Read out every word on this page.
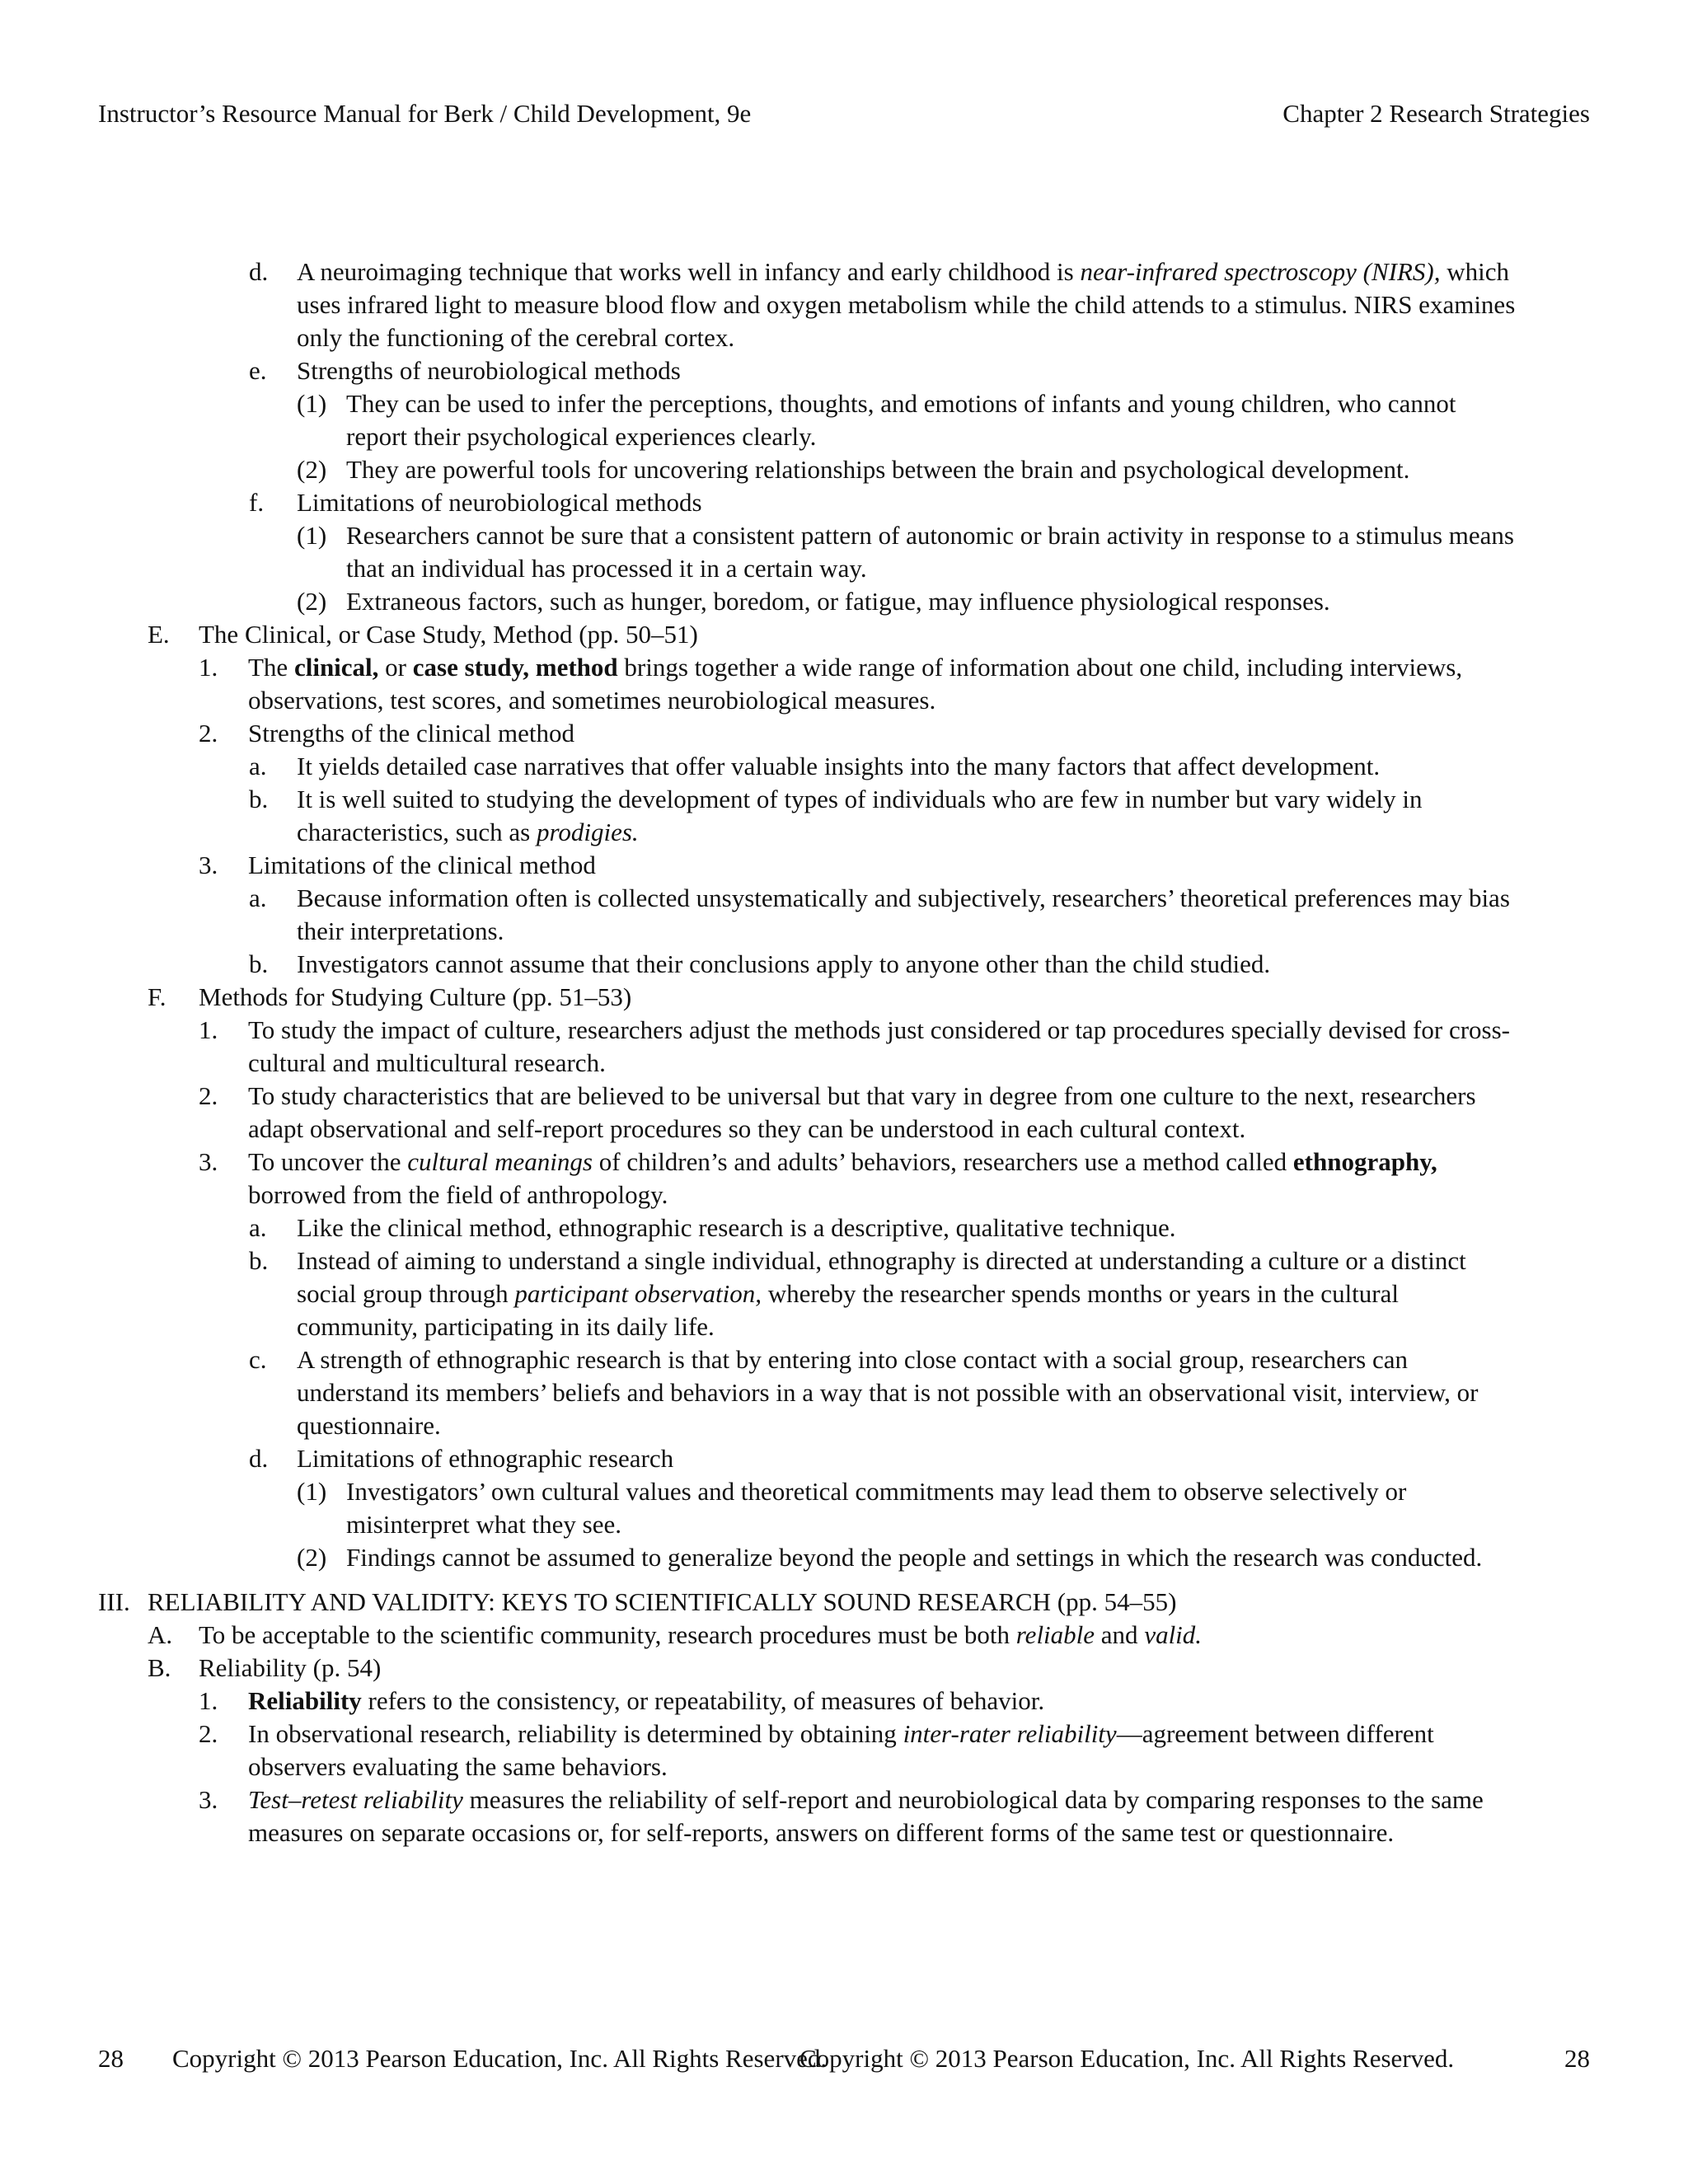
Instructor’s Resource Manual for Berk / Child Development, 9e	Chapter 2 Research Strategies
d. A neuroimaging technique that works well in infancy and early childhood is near-infrared spectroscopy (NIRS), which uses infrared light to measure blood flow and oxygen metabolism while the child attends to a stimulus. NIRS examines only the functioning of the cerebral cortex.
e. Strengths of neurobiological methods
(1) They can be used to infer the perceptions, thoughts, and emotions of infants and young children, who cannot report their psychological experiences clearly.
(2) They are powerful tools for uncovering relationships between the brain and psychological development.
f. Limitations of neurobiological methods
(1) Researchers cannot be sure that a consistent pattern of autonomic or brain activity in response to a stimulus means that an individual has processed it in a certain way.
(2) Extraneous factors, such as hunger, boredom, or fatigue, may influence physiological responses.
E. The Clinical, or Case Study, Method (pp. 50–51)
1. The clinical, or case study, method brings together a wide range of information about one child, including interviews, observations, test scores, and sometimes neurobiological measures.
2. Strengths of the clinical method
a. It yields detailed case narratives that offer valuable insights into the many factors that affect development.
b. It is well suited to studying the development of types of individuals who are few in number but vary widely in characteristics, such as prodigies.
3. Limitations of the clinical method
a. Because information often is collected unsystematically and subjectively, researchers’ theoretical preferences may bias their interpretations.
b. Investigators cannot assume that their conclusions apply to anyone other than the child studied.
F. Methods for Studying Culture (pp. 51–53)
1. To study the impact of culture, researchers adjust the methods just considered or tap procedures specially devised for cross-cultural and multicultural research.
2. To study characteristics that are believed to be universal but that vary in degree from one culture to the next, researchers adapt observational and self-report procedures so they can be understood in each cultural context.
3. To uncover the cultural meanings of children’s and adults’ behaviors, researchers use a method called ethnography, borrowed from the field of anthropology.
a. Like the clinical method, ethnographic research is a descriptive, qualitative technique.
b. Instead of aiming to understand a single individual, ethnography is directed at understanding a culture or a distinct social group through participant observation, whereby the researcher spends months or years in the cultural community, participating in its daily life.
c. A strength of ethnographic research is that by entering into close contact with a social group, researchers can understand its members’ beliefs and behaviors in a way that is not possible with an observational visit, interview, or questionnaire.
d. Limitations of ethnographic research
(1) Investigators’ own cultural values and theoretical commitments may lead them to observe selectively or misinterpret what they see.
(2) Findings cannot be assumed to generalize beyond the people and settings in which the research was conducted.
III. RELIABILITY AND VALIDITY: KEYS TO SCIENTIFICALLY SOUND RESEARCH (pp. 54–55)
A. To be acceptable to the scientific community, research procedures must be both reliable and valid.
B. Reliability (p. 54)
1. Reliability refers to the consistency, or repeatability, of measures of behavior.
2. In observational research, reliability is determined by obtaining inter-rater reliability—agreement between different observers evaluating the same behaviors.
3. Test–retest reliability measures the reliability of self-report and neurobiological data by comparing responses to the same measures on separate occasions or, for self-reports, answers on different forms of the same test or questionnaire.
28 Copyright © 2013 Pearson Education, Inc. All Rights Reserved.
Copyright © 2013 Pearson Education, Inc. All Rights Reserved.	28
